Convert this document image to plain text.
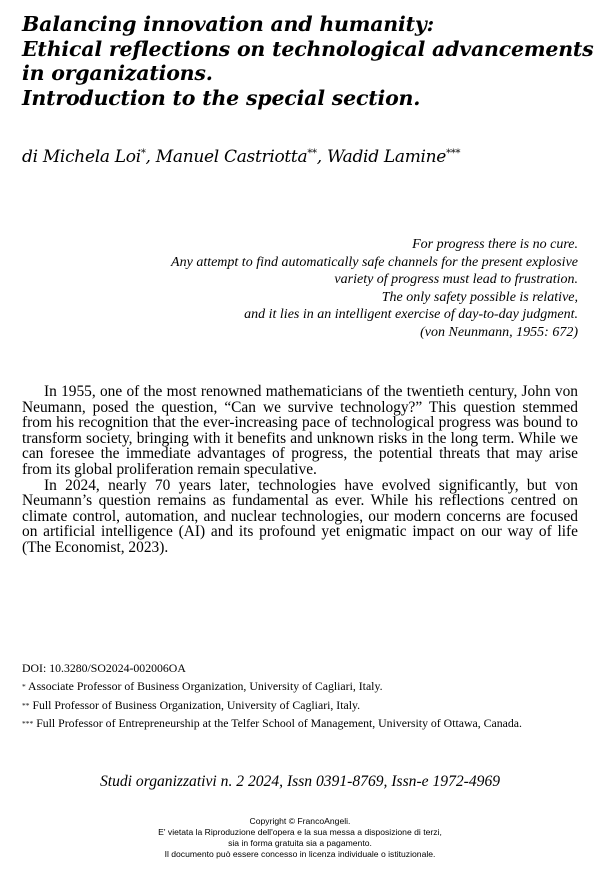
Balancing innovation and humanity:
Ethical reflections on technological advancements
in organizations.
Introduction to the special section.
di Michela Loi*, Manuel Castriotta**, Wadid Lamine***
For progress there is no cure.
Any attempt to find automatically safe channels for the present explosive
variety of progress must lead to frustration.
The only safety possible is relative,
and it lies in an intelligent exercise of day-to-day judgment.
(von Neunmann, 1955: 672)

In 1955, one of the most renowned mathematicians of the twentieth century, John von Neumann, posed the question, “Can we survive technology?” This question stemmed from his recognition that the ever-increasing pace of technological progress was bound to transform society, bringing with it benefits and unknown risks in the long term. While we can foresee the immediate advantages of progress, the potential threats that may arise from its global proliferation remain speculative.

In 2024, nearly 70 years later, technologies have evolved significantly, but von Neumann’s question remains as fundamental as ever. While his reflections centred on climate control, automation, and nuclear technologies, our modern concerns are focused on artificial intelligence (AI) and its profound yet enigmatic impact on our way of life (The Economist, 2023).

DOI: 10.3280/SO2024-002006OA

* Associate Professor of Business Organization, University of Cagliari, Italy.

** Full Professor of Business Organization, University of Cagliari, Italy.

*** Full Professor of Entrepreneurship at the Telfer School of Management, University of Ottawa, Canada.

Studi organizzativi n. 2 2024, Issn 0391-8769, Issn-e 1972-4969
Copyright © FrancoAngeli.
E' vietata la Riproduzione dell'opera e la sua messa a disposizione di terzi,
sia in forma gratuita sia a pagamento.
Il documento può essere concesso in licenza individuale o istituzionale.
